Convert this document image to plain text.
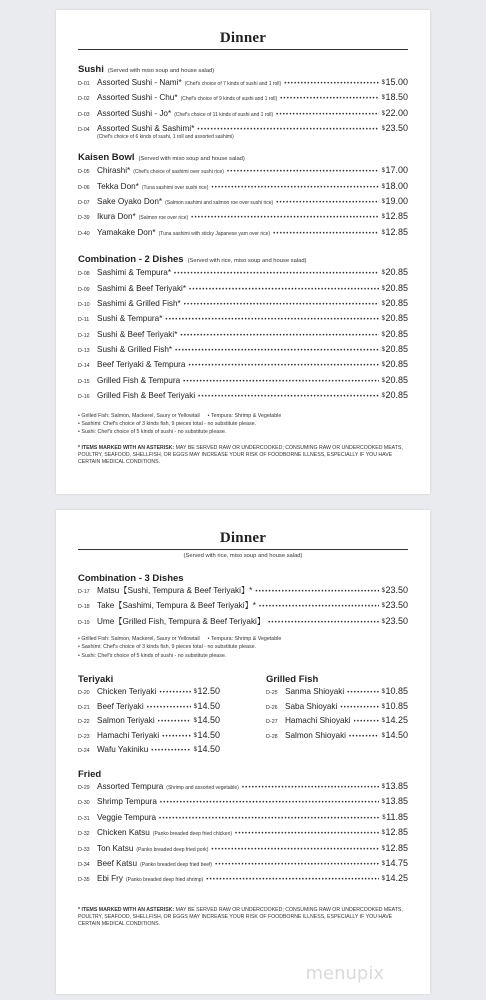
Dinner
Sushi (Served with miso soup and house salad)
D-01 Assorted Sushi - Nami* (Chef's choice of 7 kinds of sushi and 1 roll) •••••	$15.00
D-02 Assorted Sushi - Chu* (Chef's choice of 9 kinds of sushi and 1 roll) •••••	$18.50
D-03 Assorted Sushi - Jo* (Chef's choice of 11 kinds of sushi and 1 roll) •••••	$22.00
D-04 Assorted Sushi & Sashimi* •••••	$23.50
(Chef's choice of 6 kinds of sushi, 1 roll and assorted sashimi)
Kaisen Bowl (Served with miso soup and house salad)
D-05 Chirashi* (Chef's choice of sashimi over sushi rice) •••••	$17.00
D-06 Tekka Don* (Tuna sashimi over sushi rice) •••••	$18.00
D-07 Sake Oyako Don* (Salmon sashimi and salmon roe over sushi rice) •••••	$19.00
D-39 Ikura Don* (Salmon roe over rice) •••••	$12.85
D-40 Yamakake Don* (Tuna sashimi with sticky Japanese yam over rice) •••••	$12.85
Combination - 2 Dishes (Served with rice, miso soup and house salad)
D-08 Sashimi & Tempura* •••••	$20.85
D-09 Sashimi & Beef Teriyaki* •••••	$20.85
D-10 Sashimi & Grilled Fish* •••••	$20.85
D-11 Sushi & Tempura* •••••	$20.85
D-12 Sushi & Beef Teriyaki* •••••	$20.85
D-13 Sushi & Grilled Fish* •••••	$20.85
D-14 Beef Teriyaki & Tempura •••••	$20.85
D-15 Grilled Fish & Tempura •••••	$20.85
D-16 Grilled Fish & Beef Teriyaki •••••	$20.85
• Grilled Fish: Salmon, Mackerel, Saury or Yellowtail • Tempura: Shrimp & Vegetable
• Sashimi: Chef's choice of 3 kinds fish, 9 pieces total - no substitute please.
• Sushi: Chef's choice of 5 kinds of sushi - no substitute please.
* ITEMS MARKED WITH AN ASTERISK: MAY BE SERVED RAW OR UNDERCOOKED; CONSUMING RAW OR UNDERCOOKED MEATS, POULTRY, SEAFOOD, SHELLFISH, OR EGGS MAY INCREASE YOUR RISK OF FOODBORNE ILLNESS, ESPECIALLY IF YOU HAVE CERTAIN MEDICAL CONDITIONS.
Dinner
(Served with rice, miso soup and house salad)
Combination - 3 Dishes
D-17 Matsu【Sushi, Tempura & Beef Teriyaki】* •••••	$23.50
D-18 Take【Sashimi, Tempura & Beef Teriyaki】* •••••	$23.50
D-19 Ume【Grilled Fish, Tempura & Beef Teriyaki】 •••••	$23.50
• Grilled Fish: Salmon, Mackerel, Saury or Yellowtail • Tempura: Shrimp & Vegetable
• Sashimi: Chef's choice of 3 kinds fish, 9 pieces total - no substitute please.
• Sushi: Chef's choice of 5 kinds of sushi - no substitute please.
Teriyaki
D-20 Chicken Teriyaki •••••	$12.50
D-21 Beef Teriyaki •••••	$14.50
D-22 Salmon Teriyaki •••••	$14.50
D-23 Hamachi Teriyaki •••••	$14.50
D-24 Wafu Yakiniku •••••	$14.50
Grilled Fish
D-25 Sanma Shioyaki •••••	$10.85
D-26 Saba Shioyaki •••••	$10.85
D-27 Hamachi Shioyaki •••••	$14.25
D-28 Salmon Shioyaki •••••	$14.50
Fried
D-29 Assorted Tempura (Shrimp and assorted vegetable) •••••	$13.85
D-30 Shrimp Tempura •••••	$13.85
D-31 Veggie Tempura •••••	$11.85
D-32 Chicken Katsu (Panko breaded deep fried chicken) •••••	$12.85
D-33 Ton Katsu (Panko breaded deep fried pork) •••••	$12.85
D-34 Beef Katsu (Panko breaded deep fried beef) •••••	$14.75
D-35 Ebi Fry (Panko breaded deep fried shrimp) •••••	$14.25
* ITEMS MARKED WITH AN ASTERISK: MAY BE SERVED RAW OR UNDERCOOKED; CONSUMING RAW OR UNDERCOOKED MEATS, POULTRY, SEAFOOD, SHELLFISH, OR EGGS MAY INCREASE YOUR RISK OF FOODBORNE ILLNESS, ESPECIALLY IF YOU HAVE CERTAIN MEDICAL CONDITIONS.
menupix
